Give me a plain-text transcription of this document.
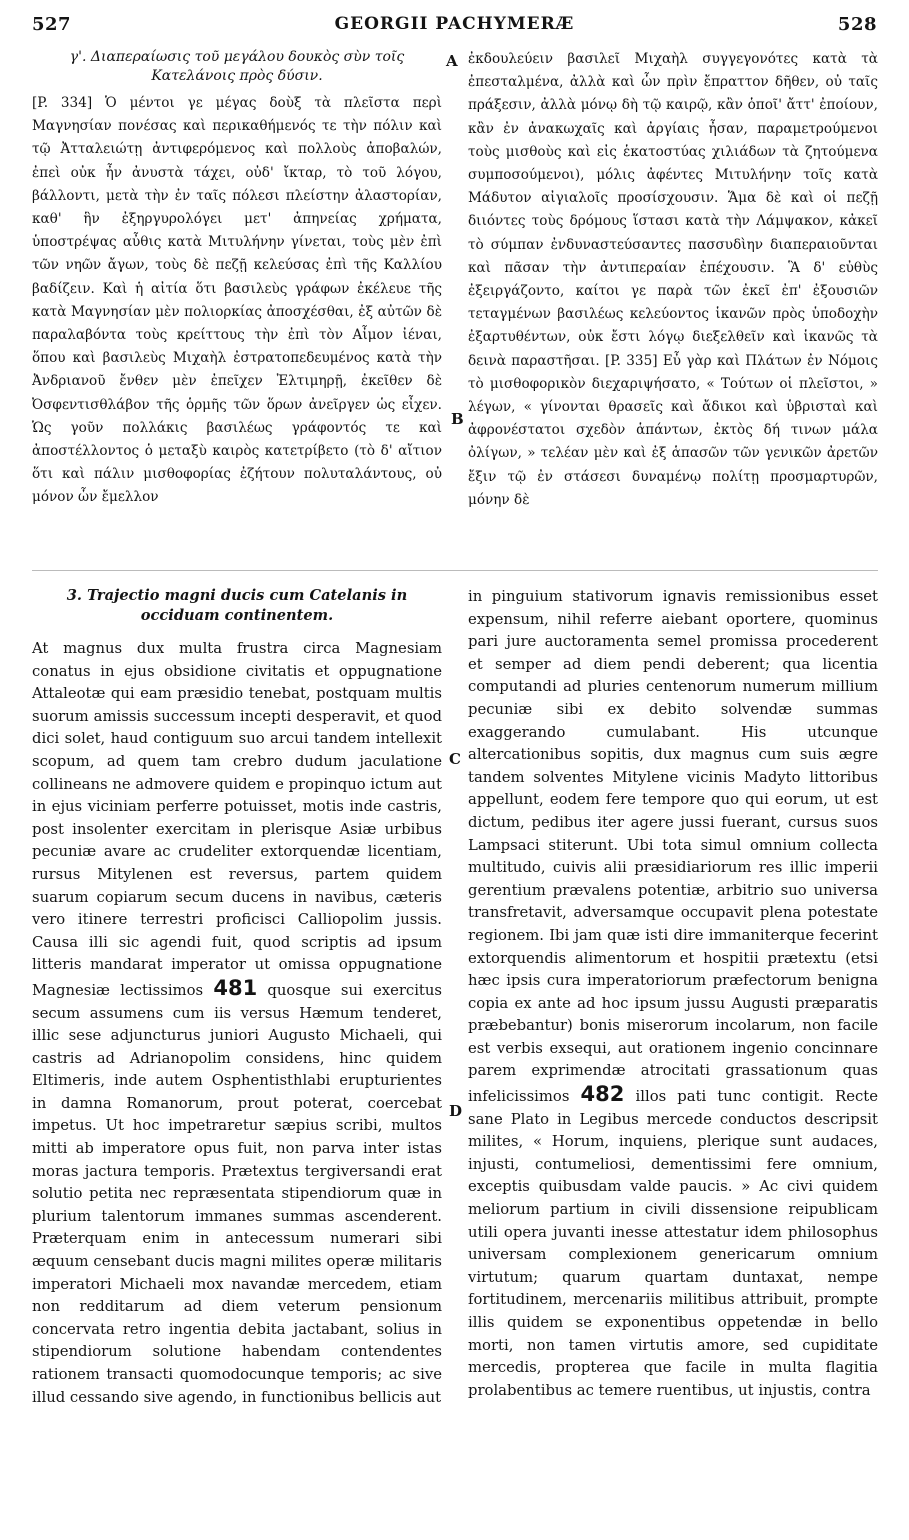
527	GEORGII PACHYMERÆ	528

γ'. Διαπεραίωσις τοῦ μεγάλου δουκὸς σὺν τοῖς Κατελάνοις πρὸς δύσιν.

[P. 334] Ὁ μέντοι γε μέγας δοὺξ τὰ πλεῖστα περὶ Μαγνησίαν πονέσας καὶ περικαθήμενός τε τὴν πόλιν καὶ τῷ Ἀτταλειώτῃ ἀντιφερόμενος καὶ πολλοὺς ἀποβαλών, ἐπεὶ οὐκ ἦν ἀνυστὰ τάχει, οὐδ' ἴκταρ, τὸ τοῦ λόγου, βάλλοντι, μετὰ τὴν ἐν ταῖς πόλεσι πλείστην ἀλαστορίαν, καθ' ἣν ἐξηργυρολόγει μετ' ἀπηνείας χρήματα, ὑποστρέψας αὖθις κατὰ Μιτυλήνην γίνεται, τοὺς μὲν ἐπὶ τῶν νηῶν ἄγων, τοὺς δὲ πεζῇ κελεύσας ἐπὶ τῆς Καλλίου βαδίζειν. Καὶ ἡ αἰτία ὅτι βασιλεὺς γράφων ἐκέλευε τῆς κατὰ Μαγνησίαν μὲν πολιορκίας ἀποσχέσθαι, ἐξ αὐτῶν δὲ παραλαβόντα τοὺς κρείττους τὴν ἐπὶ τὸν Αἶμον ἰέναι, ὅπου καὶ βασιλεὺς Μιχαὴλ ἐστρατοπεδευμένος κατὰ τὴν Ἀνδριανοῦ ἔνθεν μὲν ἐπεῖχεν Ἐλτιμηρῇ, ἐκεῖθεν δὲ Ὀσφεντισθλάβον τῆς ὁρμῆς τῶν ὅρων ἀνεῖργεν ὡς εἶχεν. Ὡς γοῦν πολλάκις βασιλέως γράφοντός τε καὶ ἀποστέλλοντος ὁ μεταξὺ καιρὸς κατετρίβετο (τὸ δ' αἴτιον ὅτι καὶ πάλιν μισθοφορίας ἐζήτουν πολυταλάντους, οὐ μόνον ὧν ἔμελλον

ἐκδουλεύειν βασιλεῖ Μιχαὴλ συγγεγονότες κατὰ τὰ ἐπεσταλμένα, ἀλλὰ καὶ ὧν πρὶν ἔπραττον δῆθεν, οὐ ταῖς πράξεσιν, ἀλλὰ μόνῳ δὴ τῷ καιρῷ, κἂν ὁποῖ' ἄττ' ἐποίουν, κἂν ἐν ἀνακωχαῖς καὶ ἀργίαις ἦσαν, παραμετρούμενοι τοὺς μισθοὺς καὶ εἰς ἑκατοστύας χιλιάδων τὰ ζητούμενα συμποσούμενοι), μόλις ἀφέντες Μιτυλήνην τοῖς κατὰ Μάδυτον αἰγιαλοῖς προσίσχουσιν. Ἅμα δὲ καὶ οἱ πεζῇ διιόντες τοὺς δρόμους ἵστασι κατὰ τὴν Λάμψακον, κἀκεῖ τὸ σύμπαν ἐνδυναστεύσαντες πασσυδὶην διαπεραιοῦνται καὶ πᾶσαν τὴν ἀντιπεραίαν ἐπέχουσιν. Ἃ δ' εὐθὺς ἐξειργάζοντο, καίτοι γε παρὰ τῶν ἐκεῖ ἐπ' ἐξουσιῶν τεταγμένων βασιλέως κελεύοντος ἱκανῶν πρὸς ὑποδοχὴν ἐξαρτυθέντων, οὐκ ἔστι λόγῳ διεξελθεῖν καὶ ἱκανῶς τὰ δεινὰ παραστῆσαι. [P. 335] Εὖ γὰρ καὶ Πλάτων ἐν Νόμοις τὸ μισθοφορικὸν διεχαριψήσατο, « Τούτων οἱ πλεῖστοι, » λέγων, « γίνονται θρασεῖς καὶ ἄδικοι καὶ ὑβρισταὶ καὶ ἀφρονέστατοι σχεδὸν ἁπάντων, ἐκτὸς δή τινων μάλα ὀλίγων, » τελέαν μὲν καὶ ἐξ ἁπασῶν τῶν γενικῶν ἀρετῶν ἔξιν τῷ ἐν στάσεσι δυναμένῳ πολίτῃ προσμαρτυρῶν, μόνην δὲ

A
B

3. Trajectio magni ducis cum Catelanis in occiduam continentem.

At magnus dux multa frustra circa Magnesiam conatus in ejus obsidione civitatis et oppugnatione Attaleotæ qui eam præsidio tenebat, postquam multis suorum amissis successum incepti desperavit, et quod dici solet, haud contiguum suo arcui tandem intellexit scopum, ad quem tam crebro dudum jaculatione collineans ne admovere quidem e propinquo ictum aut in ejus viciniam perferre potuisset, motis inde castris, post insolenter exercitam in plerisque Asiæ urbibus pecuniæ avare ac crudeliter extorquendæ licentiam, rursus Mitylenen est reversus, partem quidem suarum copiarum secum ducens in navibus, cæteris vero itinere terrestri proficisci Calliopolim jussis. Causa illi sic agendi fuit, quod scriptis ad ipsum litteris mandarat imperator ut omissa oppugnatione Magnesiæ lectissimos 481 quosque sui exercitus secum assumens cum iis versus Hæmum tenderet, illic sese adjuncturus juniori Augusto Michaeli, qui castris ad Adrianopolim considens, hinc quidem Eltimeris, inde autem Osphentisthlabi erupturientes in damna Romanorum, prout poterat, coercebat impetus. Ut hoc impetraretur sæpius scribi, multos mitti ab imperatore opus fuit, non parva inter istas moras jactura temporis. Prætextus tergiversandi erat solutio petita nec repræsentata stipendiorum quæ in plurium talentorum immanes summas ascenderent. Præterquam enim in antecessum numerari sibi æquum censebant ducis magni milites operæ militaris imperatori Michaeli mox navandæ mercedem, etiam non redditarum ad diem veterum pensionum concervata retro ingentia debita jactabant, solius in stipendiorum solutione habendam contendentes rationem transacti quomodocunque temporis; ac sive illud cessando sive agendo, in functionibus bellicis aut

in pinguium stativorum ignavis remissionibus esset expensum, nihil referre aiebant oportere, quominus pari jure auctoramenta semel promissa procederent et semper ad diem pendi deberent; qua licentia computandi ad pluries centenorum numerum millium pecuniæ sibi ex debito solvendæ summas exaggerando cumulabant. His utcunque altercationibus sopitis, dux magnus cum suis ægre tandem solventes Mitylene vicinis Madyto littoribus appellunt, eodem fere tempore quo qui eorum, ut est dictum, pedibus iter agere jussi fuerant, cursus suos Lampsaci stiterunt. Ubi tota simul omnium collecta multitudo, cuivis alii præsidiariorum res illic imperii gerentium prævalens potentiæ, arbitrio suo universa transfretavit, adversamque occupavit plena potestate regionem. Ibi jam quæ isti dire immaniterque fecerint extorquendis alimentorum et hospitii prætextu (etsi hæc ipsis cura imperatoriorum præfectorum benigna copia ex ante ad hoc ipsum jussu Augusti præparatis præbebantur) bonis miserorum incolarum, non facile est verbis exsequi, aut orationem ingenio concinnare parem exprimendæ atrocitati grassationum quas infelicissimos 482 illos pati tunc contigit. Recte sane Plato in Legibus mercede conductos descripsit milites, « Horum, inquiens, plerique sunt audaces, injusti, contumeliosi, dementissimi fere omnium, exceptis quibusdam valde paucis. » Ac civi quidem meliorum partium in civili dissensione reipublicam utili opera juvanti inesse attestatur idem philosophus universam complexionem genericarum omnium virtutum; quarum quartam duntaxat, nempe fortitudinem, mercenariis militibus attribuit, prompte illis quidem se exponentibus oppetendæ in bello morti, non tamen virtutis amore, sed cupiditate mercedis, propterea que facile in multa flagitia prolabentibus ac temere ruentibus, ut injustis, contra

C
D
